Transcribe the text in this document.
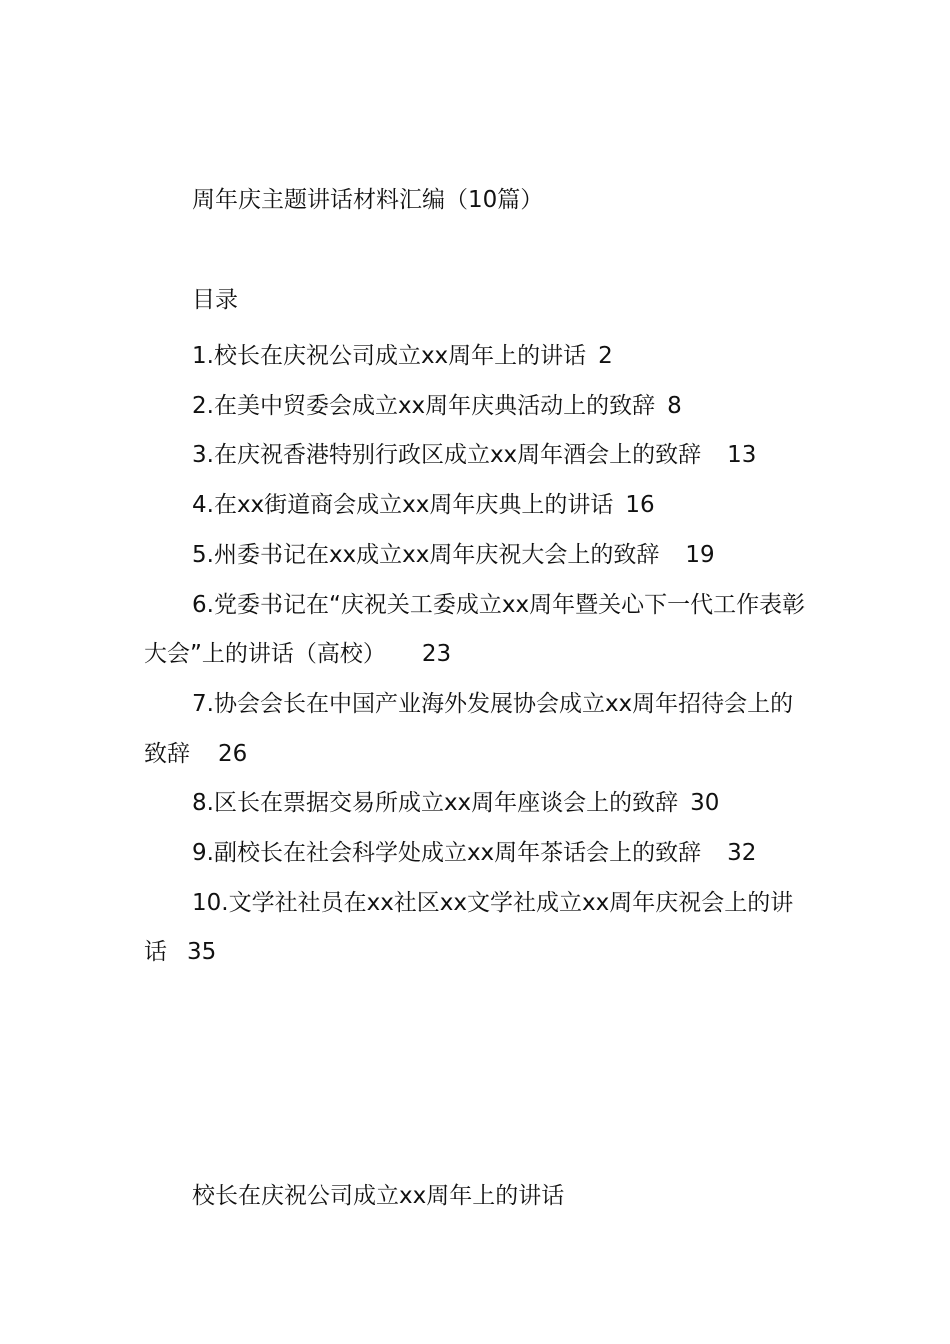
周年庆主题讲话材料汇编（10篇）
目录
1.校长在庆祝公司成立xx周年上的讲话 2
2.在美中贸委会成立xx周年庆典活动上的致辞 8
3.在庆祝香港特别行政区成立xx周年酒会上的致辞 13
4.在xx街道商会成立xx周年庆典上的讲话 16
5.州委书记在xx成立xx周年庆祝大会上的致辞 19
6.党委书记在“庆祝关工委成立xx周年暨关心下一代工作表彰大会”上的讲话（高校） 23
7.协会会长在中国产业海外发展协会成立xx周年招待会上的致辞 26
8.区长在票据交易所成立xx周年座谈会上的致辞 30
9.副校长在社会科学处成立xx周年茶话会上的致辞 32
10.文学社社员在xx社区xx文学社成立xx周年庆祝会上的讲话 35
校长在庆祝公司成立xx周年上的讲话
